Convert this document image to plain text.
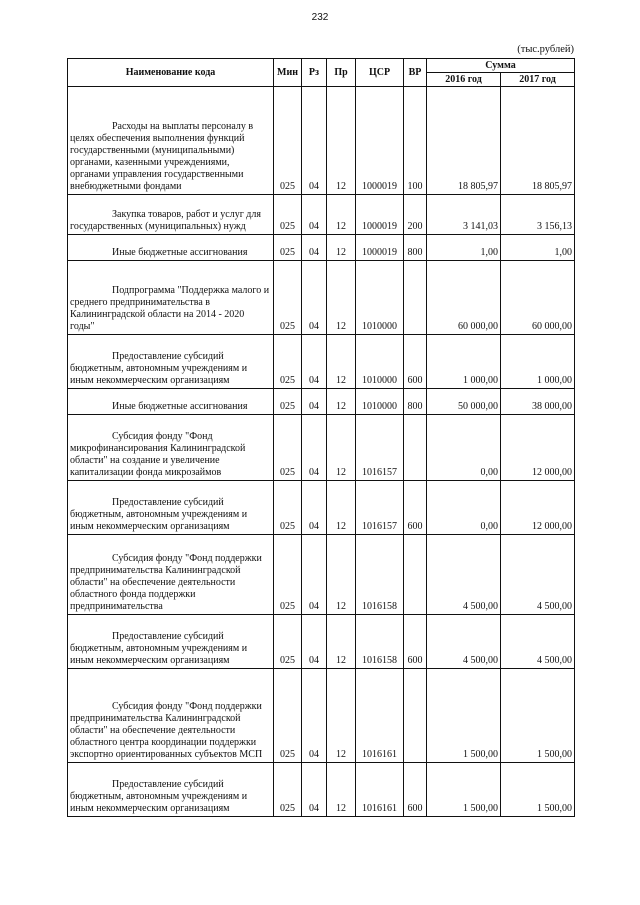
232
(тыс.рублей)
Наименование кода	Мин	Рз	Пр	ЦСР	ВР	Сумма	
						2016 год	2017 год

Расходы на выплаты персоналу в целях обеспечения выполнения функций государственными (муниципальными) органами, казенными учреждениями, органами управления государственными внебюджетными фондами	025	04	12	1000019	100	18 805,97	18 805,97

Закупка товаров, работ и услуг для государственных (муниципальных) нужд	025	04	12	1000019	200	3 141,03	3 156,13

Иные бюджетные ассигнования	025	04	12	1000019	800	1,00	1,00

Подпрограмма "Поддержка малого и среднего предпринимательства в Калининградской области на 2014 - 2020 годы"	025	04	12	1010000		60 000,00	60 000,00

Предоставление субсидий бюджетным, автономным учреждениям и иным некоммерческим организациям	025	04	12	1010000	600	1 000,00	1 000,00

Иные бюджетные ассигнования	025	04	12	1010000	800	50 000,00	38 000,00

Субсидия фонду "Фонд микрофинансирования Калининградской области" на создание и увеличение капитализации фонда микрозаймов	025	04	12	1016157		0,00	12 000,00

Предоставление субсидий бюджетным, автономным учреждениям и иным некоммерческим организациям	025	04	12	1016157	600	0,00	12 000,00

Субсидия фонду "Фонд поддержки предпринимательства Калининградской области" на обеспечение деятельности областного фонда поддержки предпринимательства	025	04	12	1016158		4 500,00	4 500,00

Предоставление субсидий бюджетным, автономным учреждениям и иным некоммерческим организациям	025	04	12	1016158	600	4 500,00	4 500,00

Субсидия фонду "Фонд поддержки предпринимательства Калининградской области" на обеспечение деятельности областного центра координации поддержки экспортно ориентированных субъектов МСП	025	04	12	1016161		1 500,00	1 500,00

Предоставление субсидий бюджетным, автономным учреждениям и иным некоммерческим организациям	025	04	12	1016161	600	1 500,00	1 500,00
